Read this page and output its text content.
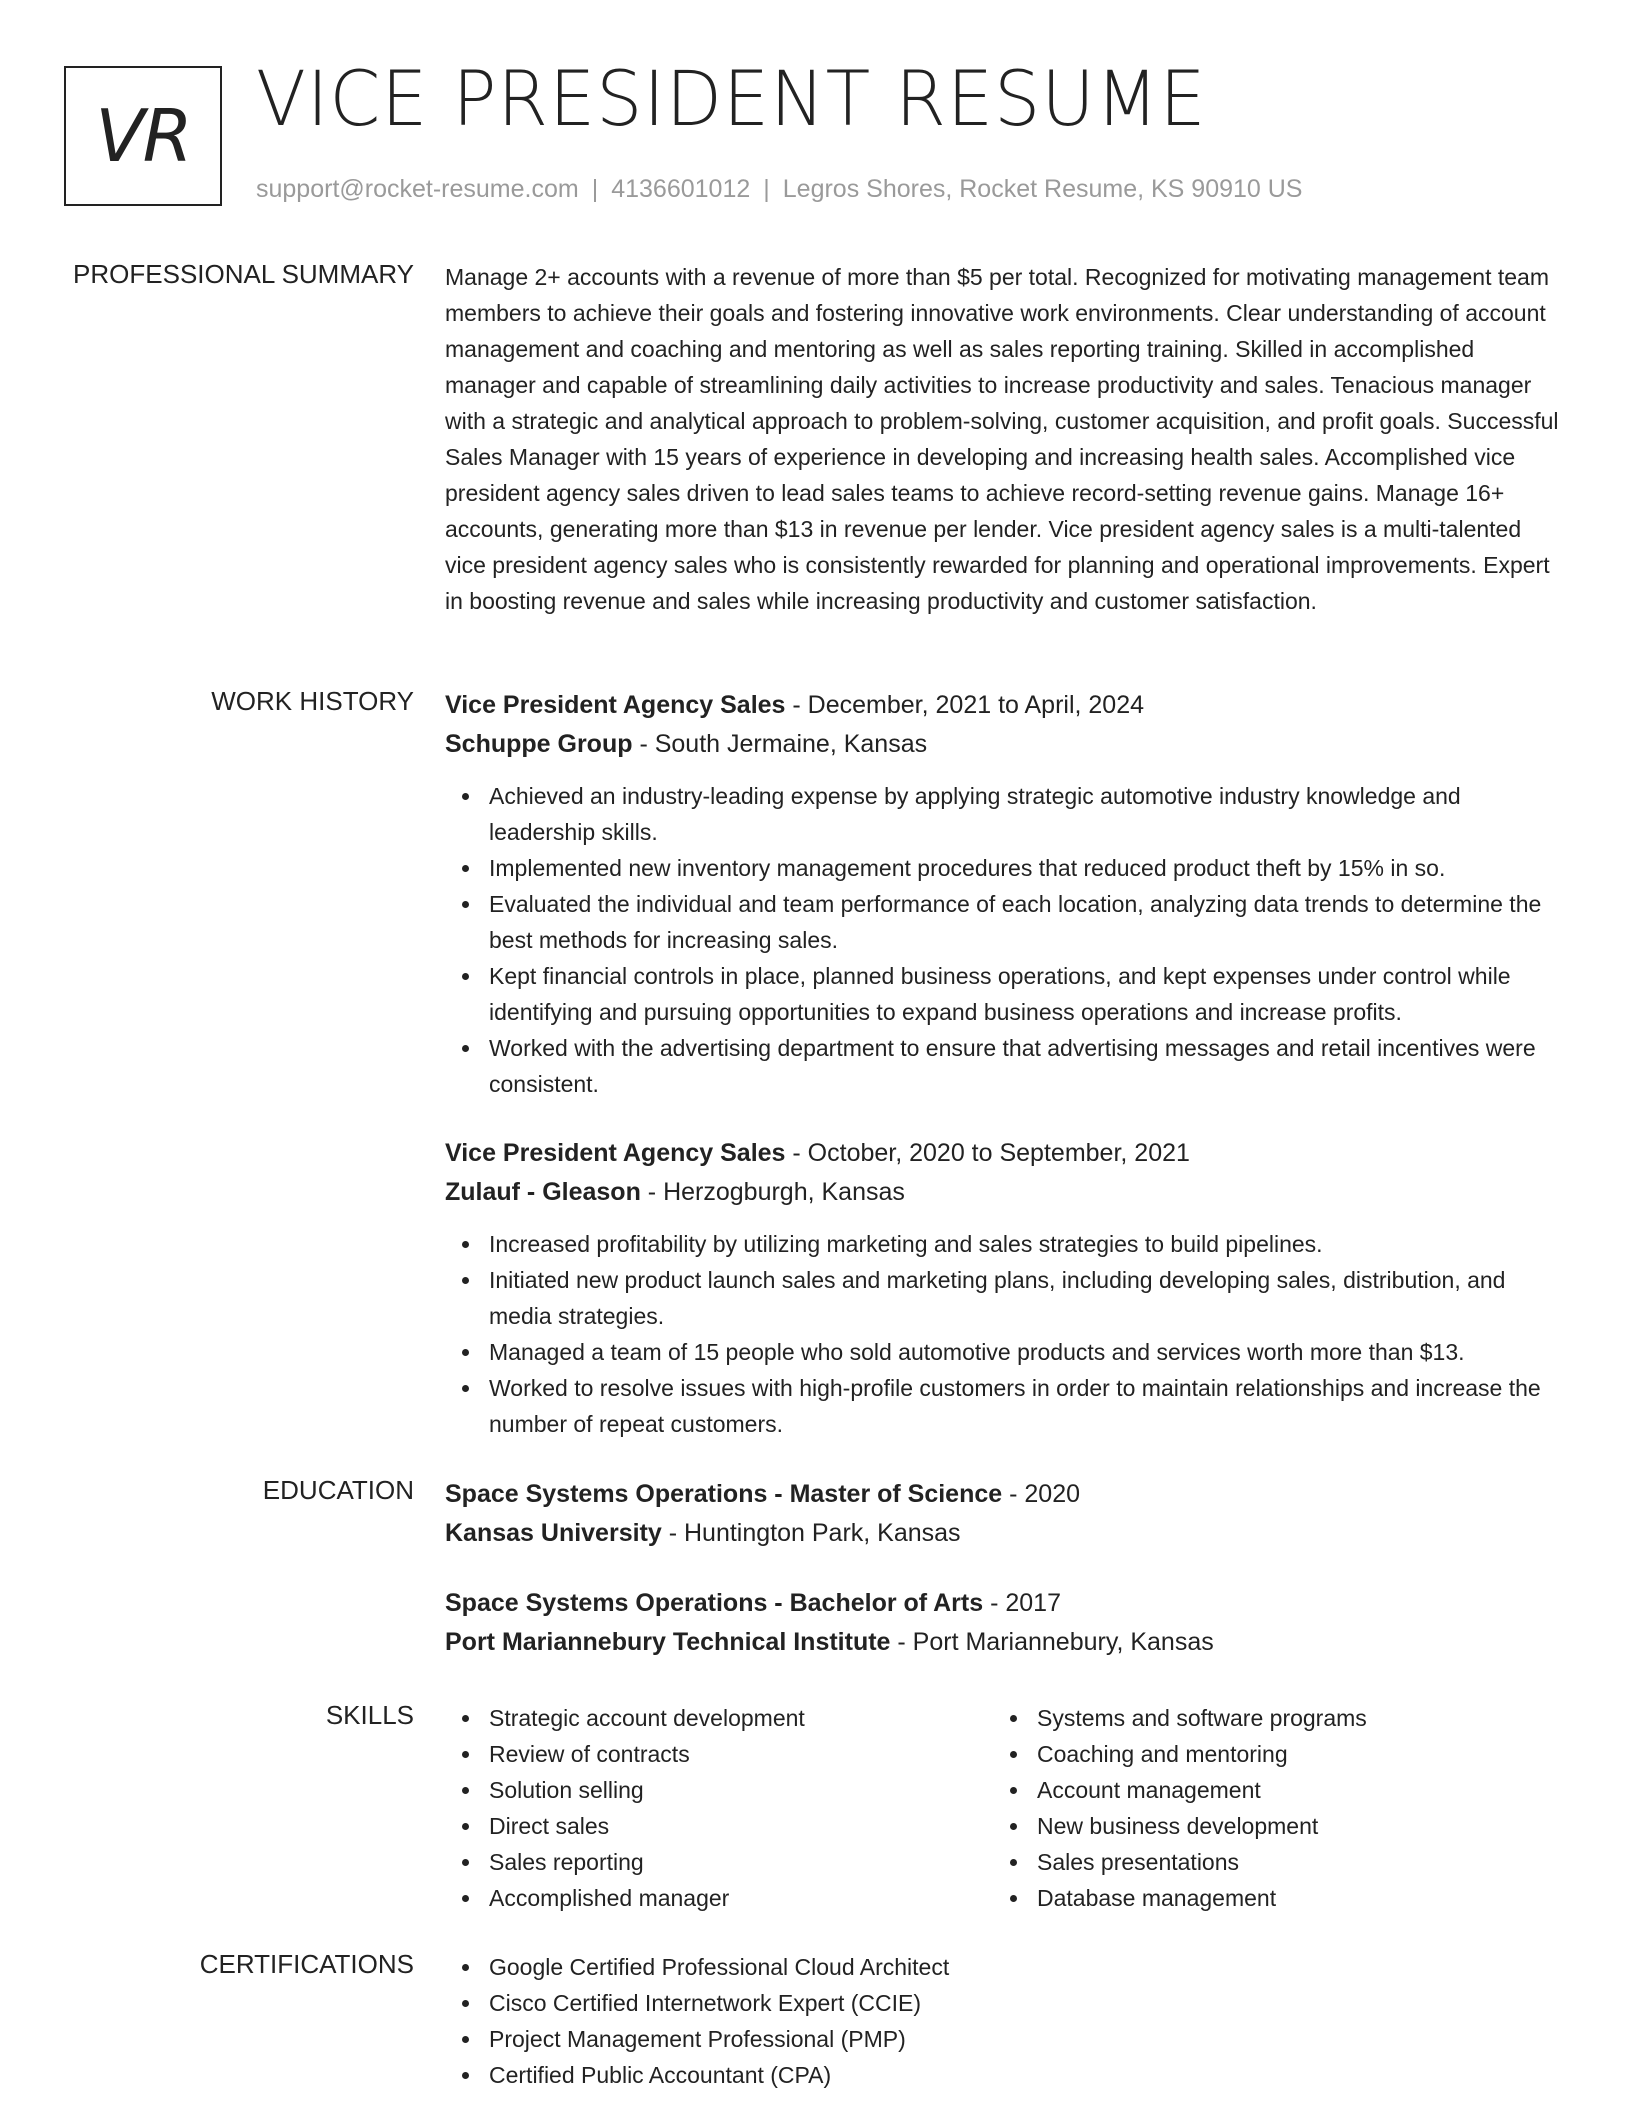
VR VICE PRESIDENT RESUME
support@rocket-resume.com | 4136601012 | Legros Shores, Rocket Resume, KS 90910 US
PROFESSIONAL SUMMARY Manage 2+ accounts with a revenue of more than $5 per total. Recognized for motivating management team members to achieve their goals and fostering innovative work environments. Clear understanding of account management and coaching and mentoring as well as sales reporting training. Skilled in accomplished manager and capable of streamlining daily activities to increase productivity and sales. Tenacious manager with a strategic and analytical approach to problem-solving, customer acquisition, and profit goals. Successful Sales Manager with 15 years of experience in developing and increasing health sales. Accomplished vice president agency sales driven to lead sales teams to achieve record-setting revenue gains. Manage 16+ accounts, generating more than $13 in revenue per lender. Vice president agency sales is a multi-talented vice president agency sales who is consistently rewarded for planning and operational improvements. Expert in boosting revenue and sales while increasing productivity and customer satisfaction.

WORK HISTORY Vice President Agency Sales - December, 2021 to April, 2024
Schuppe Group - South Jermaine, Kansas
Achieved an industry-leading expense by applying strategic automotive industry knowledge and leadership skills.
Implemented new inventory management procedures that reduced product theft by 15% in so.
Evaluated the individual and team performance of each location, analyzing data trends to determine the best methods for increasing sales.
Kept financial controls in place, planned business operations, and kept expenses under control while identifying and pursuing opportunities to expand business operations and increase profits.
Worked with the advertising department to ensure that advertising messages and retail incentives were consistent.
Vice President Agency Sales - October, 2020 to September, 2021
Zulauf - Gleason - Herzogburgh, Kansas
Increased profitability by utilizing marketing and sales strategies to build pipelines.
Initiated new product launch sales and marketing plans, including developing sales, distribution, and media strategies.
Managed a team of 15 people who sold automotive products and services worth more than $13.
Worked to resolve issues with high-profile customers in order to maintain relationships and increase the number of repeat customers.
EDUCATION Space Systems Operations - Master of Science - 2020
Kansas University - Huntington Park, Kansas
Space Systems Operations - Bachelor of Arts - 2017
Port Mariannebury Technical Institute - Port Mariannebury, Kansas
SKILLS	Strategic account development
Review of contracts
Solution selling
Direct sales
Sales reporting
Accomplished manager
Systems and software programs
Coaching and mentoring
Account management
New business development
Sales presentations
Database management
CERTIFICATIONS	Google Certified Professional Cloud Architect
Cisco Certified Internetwork Expert (CCIE)
Project Management Professional (PMP)
Certified Public Accountant (CPA)
